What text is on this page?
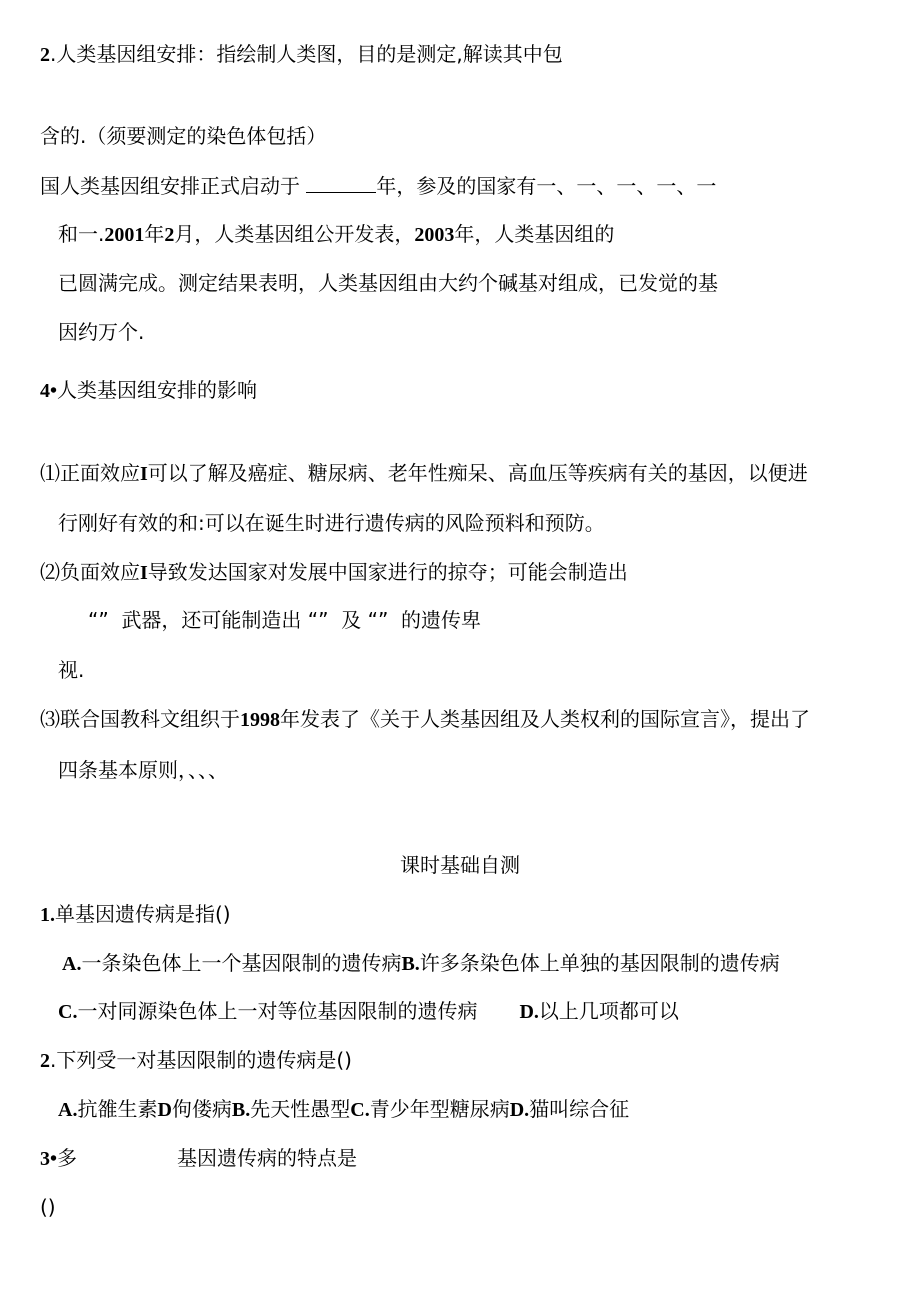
2.人类基因组安排：指绘制人类图，目的是测定,解读其中包
含的.（须要测定的染色体包括）
国人类基因组安排正式启动于	年，参及的国家有一、一、一、一、一
和一.2001年2月，人类基因组公开发表，2003年，人类基因组的
已圆满完成。测定结果表明，人类基因组由大约个碱基对组成，已发觉的基
因约万个.
4•人类基因组安排的影响
⑴正面效应I可以了解及癌症、糖尿病、老年性痴呆、高血压等疾病有关的基因，以便进
行刚好有效的和:可以在诞生时进行遗传病的风险预料和预防。
⑵负面效应I导致发达国家对发展中国家进行的掠夺；可能会制造出
“”  武器，还可能制造出 “”  及 “”  的遗传卑
视.
⑶联合国教科文组织于1998年发表了《关于人类基因组及人类权利的国际宣言》，提出了
四条基本原则，、、、
课时基础自测
1.单基因遗传病是指()
A.一条染色体上一个基因限制的遗传病B.许多条染色体上单独的基因限制的遗传病
C.一对同源染色体上一对等位基因限制的遗传病 D.以上几项都可以
2.下列受一对基因限制的遗传病是()
A.抗雒生素D佝偻病B.先天性愚型C.青少年型糖尿病D.猫叫综合征
3•多	基因遗传病的特点是
()
